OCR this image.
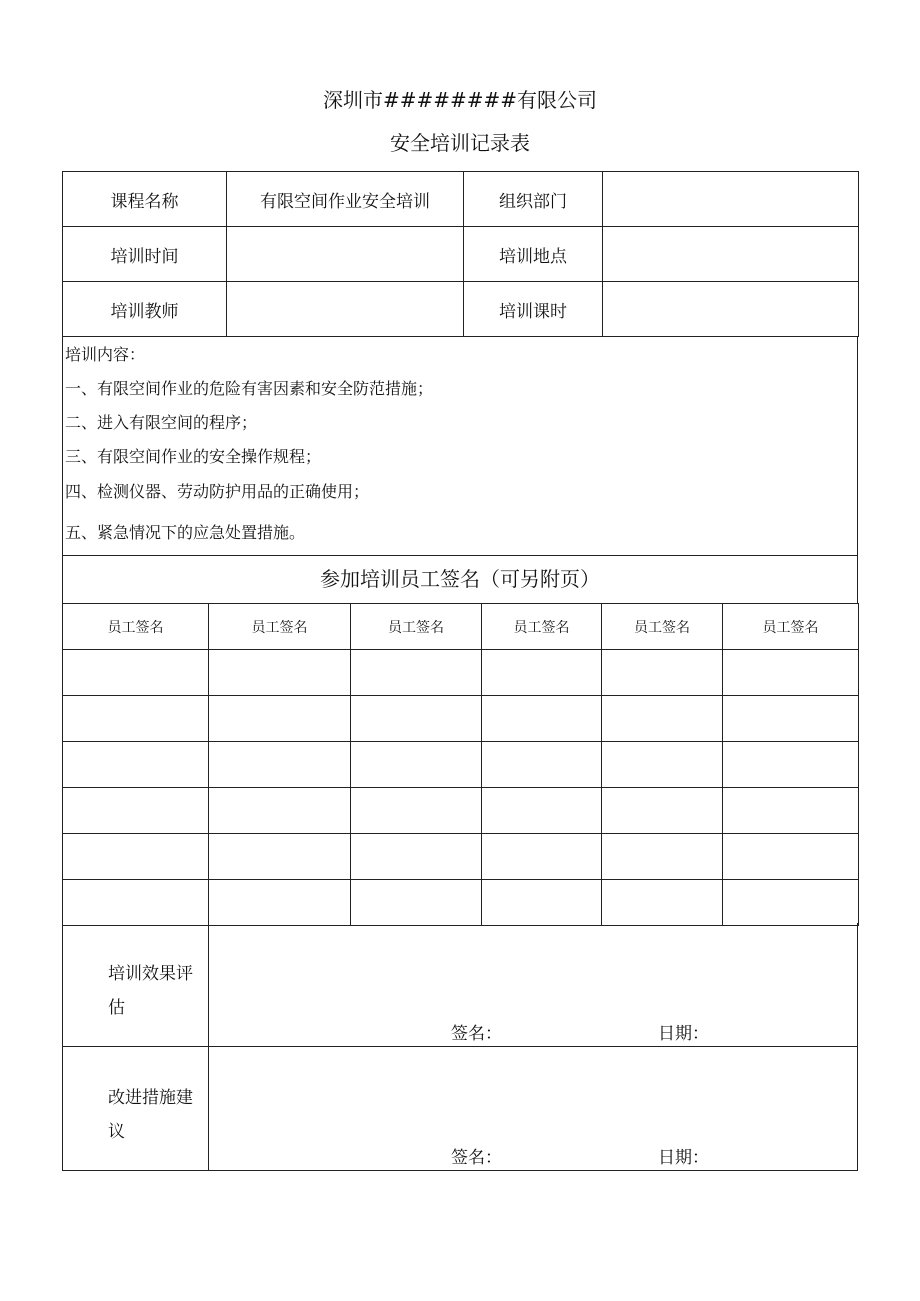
深圳市########有限公司
安全培训记录表
课程名称	有限空间作业安全培训	组织部门	
培训时间		培训地点	
培训教师		培训课时	
培训内容：
一、有限空间作业的危险有害因素和安全防范措施；
二、进入有限空间的程序；
三、有限空间作业的安全操作规程；
四、检测仪器、劳动防护用品的正确使用；
五、紧急情况下的应急处置措施。
参加培训员工签名（可另附页）
员工签名	员工签名	员工签名	员工签名	员工签名	员工签名

培训效果评估
签名：	日期：
改进措施建议
签名：	日期：
